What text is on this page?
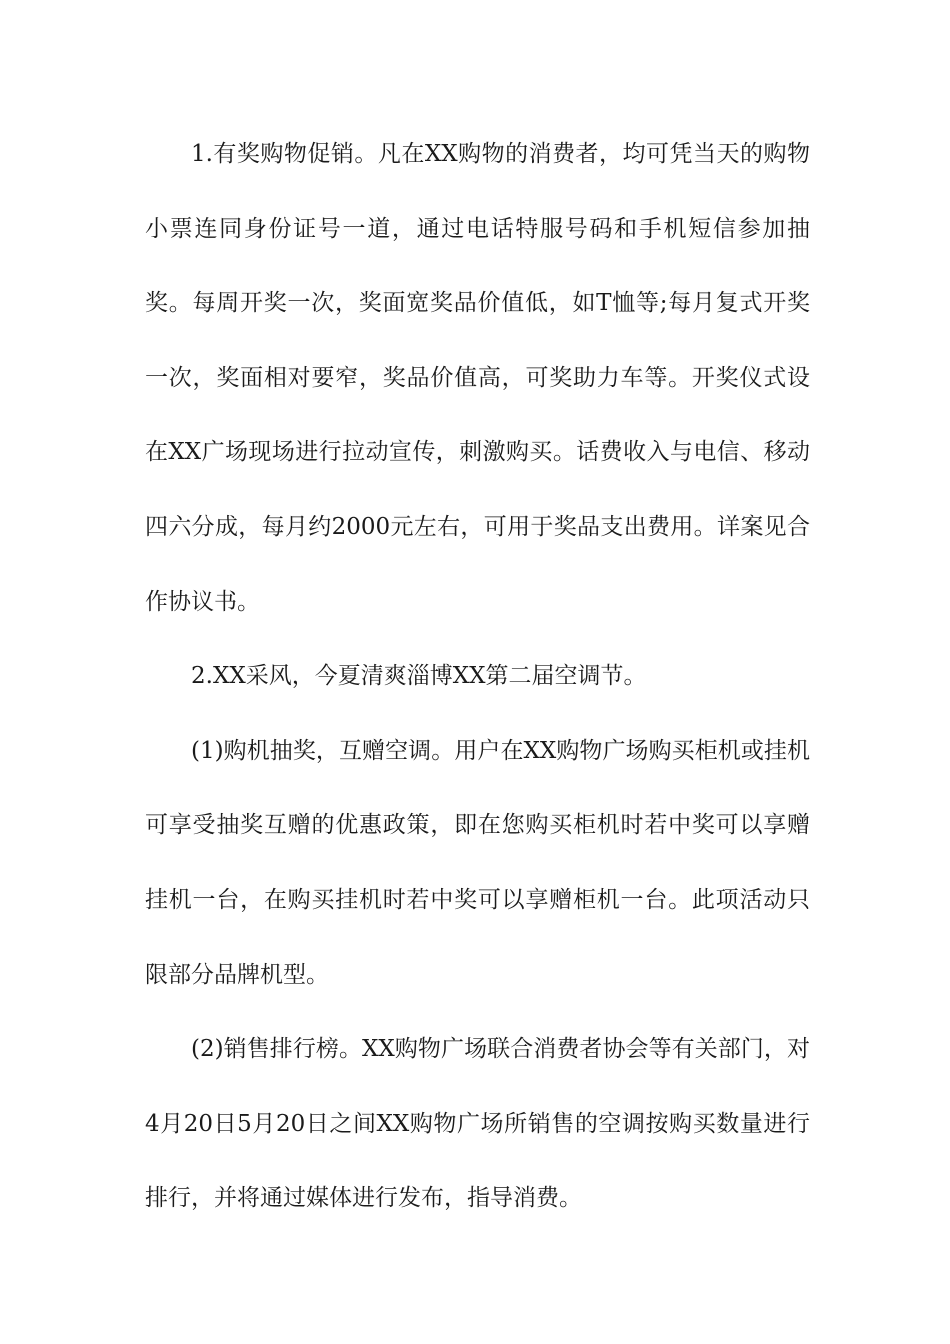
1.有奖购物促销。凡在XX购物的消费者，均可凭当天的购物小票连同身份证号一道，通过电话特服号码和手机短信参加抽奖。每周开奖一次，奖面宽奖品价值低，如T恤等;每月复式开奖一次，奖面相对要窄，奖品价值高，可奖助力车等。开奖仪式设在XX广场现场进行拉动宣传，刺激购买。话费收入与电信、移动四六分成，每月约2000元左右，可用于奖品支出费用。详案见合作协议书。

2.XX采风，今夏清爽淄博XX第二届空调节。

(1)购机抽奖，互赠空调。用户在XX购物广场购买柜机或挂机可享受抽奖互赠的优惠政策，即在您购买柜机时若中奖可以享赠挂机一台，在购买挂机时若中奖可以享赠柜机一台。此项活动只限部分品牌机型。

(2)销售排行榜。XX购物广场联合消费者协会等有关部门，对4月20日5月20日之间XX购物广场所销售的空调按购买数量进行排行，并将通过媒体进行发布，指导消费。
